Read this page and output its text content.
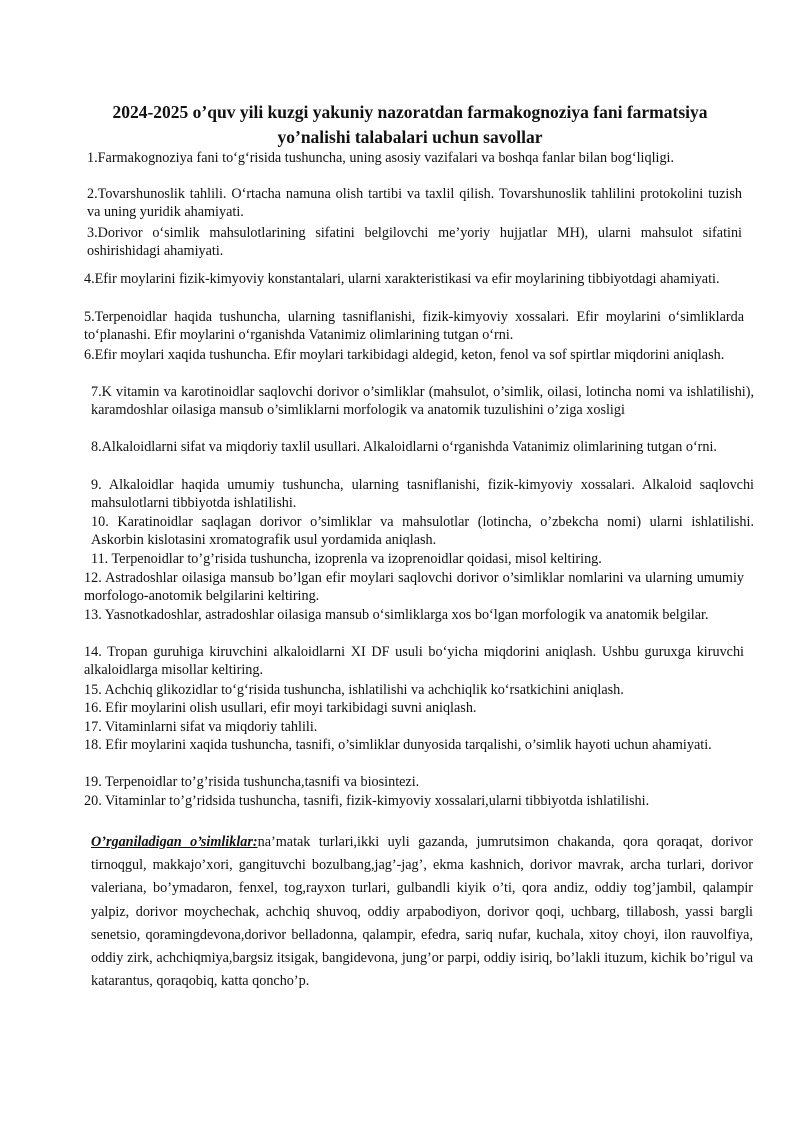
2024-2025 o’quv yili kuzgi yakuniy nazoratdan farmakognoziya fani farmatsiya
yo’nalishi talabalari uchun savollar
1.Farmakognoziya fani to‘g‘risida tushuncha, uning asosiy vazifalari va boshqa fanlar bilan bog‘liqligi.
2.Tovarshunoslik tahlili. O‘rtacha namuna olish tartibi va taxlil qilish. Tovarshunoslik tahlilini protokolini tuzish va uning yuridik ahamiyati.
3.Dorivor o‘simlik mahsulotlarining sifatini belgilovchi me’yoriy hujjatlar MH), ularni mahsulot sifatini oshirishidagi ahamiyati.
4.Efir moylarini fizik-kimyoviy konstantalari, ularni xarakteristikasi va efir moylarining tibbiyotdagi ahamiyati.
5.Terpenoidlar haqida tushuncha, ularning tasniflanishi, fizik-kimyoviy xossalari. Efir moylarini o‘simliklarda to‘planashi. Efir moylarini o‘rganishda Vatanimiz olimlarining tutgan o‘rni.
6.Efir moylari xaqida tushuncha. Efir moylari tarkibidagi aldegid, keton, fenol va sof spirtlar miqdorini aniqlash.
7.K vitamin va karotinoidlar saqlovchi dorivor o’simliklar (mahsulot, o’simlik, oilasi, lotincha nomi va ishlatilishi), karamdoshlar oilasiga mansub o’simliklarni morfologik va anatomik tuzulishini o’ziga xosligi
8.Alkaloidlarni sifat va miqdoriy taxlil usullari. Alkaloidlarni o‘rganishda Vatanimiz olimlarining tutgan o‘rni.
9. Alkaloidlar haqida umumiy tushuncha, ularning tasniflanishi, fizik-kimyoviy xossalari. Alkaloid saqlovchi mahsulotlarni tibbiyotda ishlatilishi.
10. Karatinoidlar saqlagan dorivor o’simliklar va mahsulotlar (lotincha, o’zbekcha nomi) ularni ishlatilishi. Askorbin kislotasini xromatografik usul yordamida aniqlash.
11. Terpenoidlar to’g’risida tushuncha, izoprenla va izoprenoidlar qoidasi, misol keltiring.
12. Astradoshlar oilasiga mansub bo’lgan efir moylari saqlovchi dorivor o’simliklar nomlarini va ularning umumiy morfologo-anotomik belgilarini keltiring.
13. Yasnotkadoshlar, astradoshlar oilasiga mansub o‘simliklarga xos bo‘lgan morfologik va anatomik belgilar.
14. Tropan guruhiga kiruvchini alkaloidlarni XI DF usuli bo‘yicha miqdorini aniqlash. Ushbu guruxga kiruvchi alkaloidlarga misollar keltiring.
15. Achchiq glikozidlar to‘g‘risida tushuncha, ishlatilishi va achchiqlik ko‘rsatkichini aniqlash.
16. Efir moylarini olish usullari, efir moyi tarkibidagi suvni aniqlash.
17. Vitaminlarni sifat va miqdoriy tahlili.
18. Efir moylarini xaqida tushuncha, tasnifi, o’simliklar dunyosida tarqalishi, o’simlik hayoti uchun ahamiyati.
19. Terpenoidlar to’g’risida tushuncha,tasnifi va biosintezi.
20. Vitaminlar to’g’ridsida tushuncha, tasnifi, fizik-kimyoviy xossalari,ularni tibbiyotda ishlatilishi.
O’rganiladigan o’simliklar:na’matak turlari,ikki uyli gazanda, jumrutsimon chakanda, qora qoraqat, dorivor tirnoqgul, makkajo’xori, gangituvchi bozulbang,jag’-jag’, ekma kashnich, dorivor mavrak, archa turlari, dorivor valeriana, bo’ymadaron, fenxel, tog,rayxon turlari, gulbandli kiyik o’ti, qora andiz, oddiy tog’jambil, qalampir yalpiz, dorivor moychechak, achchiq shuvoq, oddiy arpabodiyon, dorivor qoqi, uchbarg, tillabosh, yassi bargli senetsio, qoramingdevona,dorivor belladonna, qalampir, efedra, sariq nufar, kuchala, xitoy choyi, ilon rauvolfiya, oddiy zirk, achchiqmiya,bargsiz itsigak, bangidevona, jung’or parpi, oddiy isiriq, bo’lakli ituzum, kichik bo’rigul va katarantus, qoraqobiq, katta qoncho’p.
